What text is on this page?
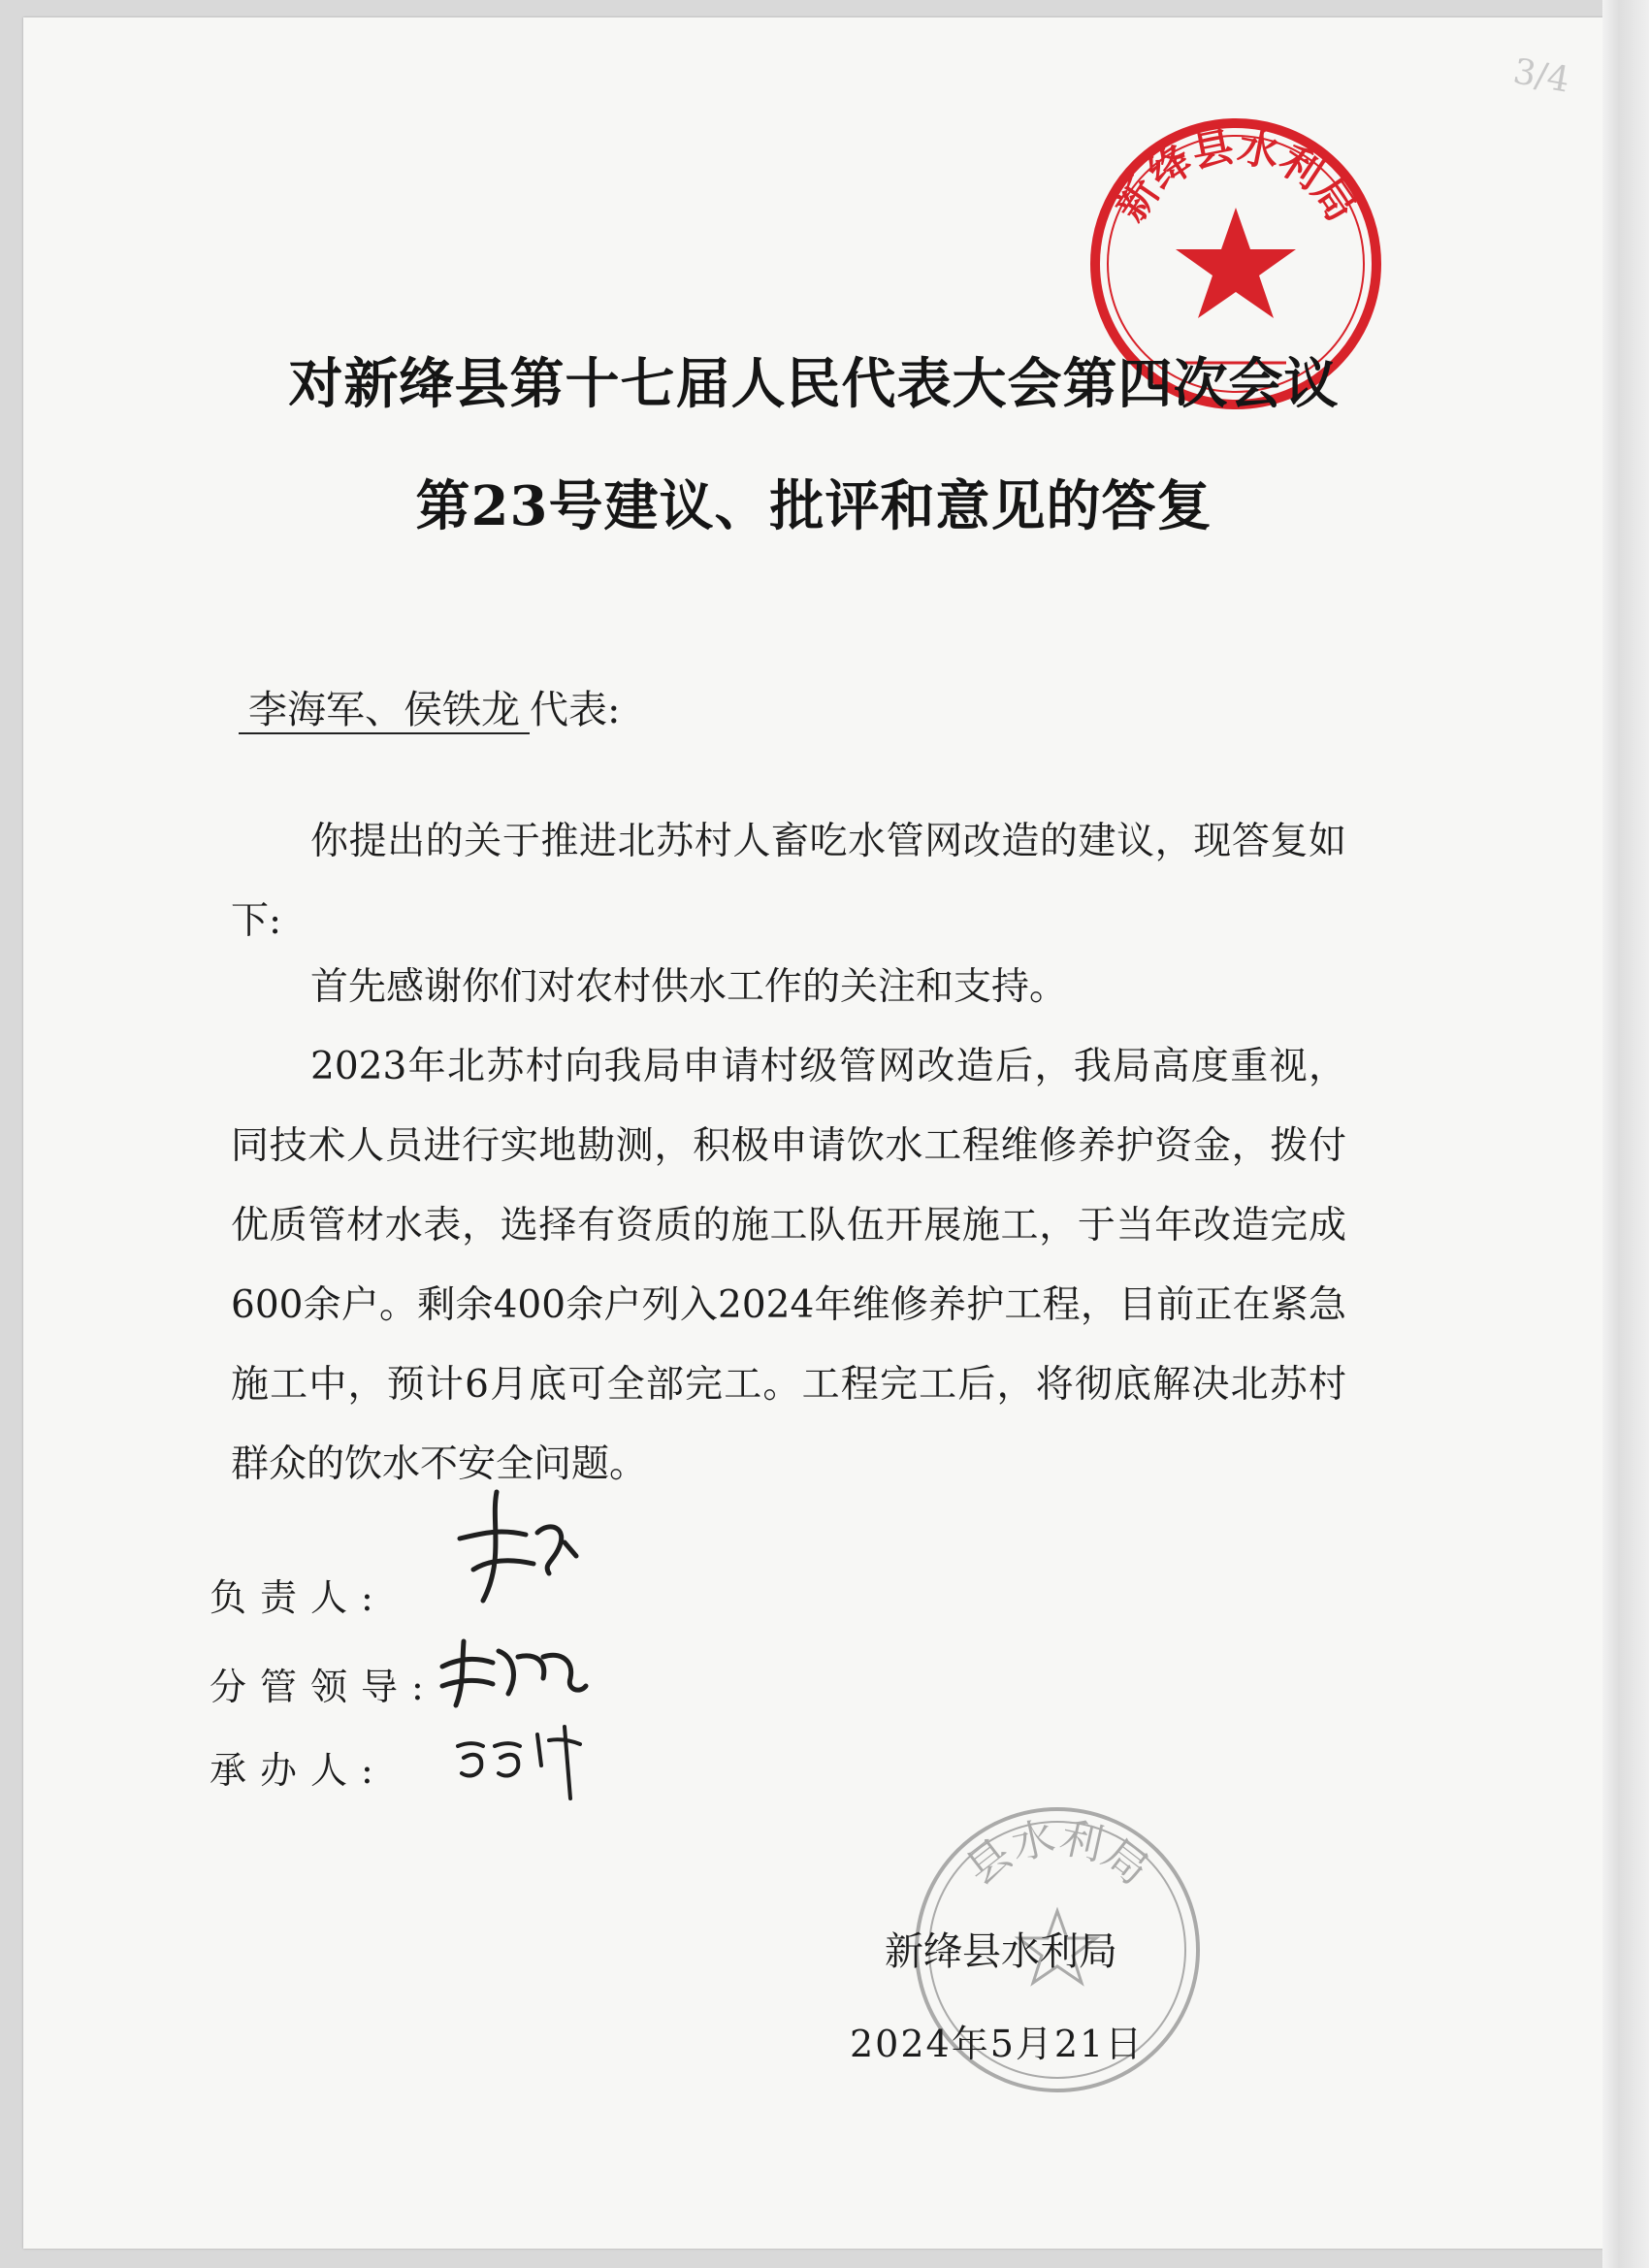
3/4
新绛县水利局
对新绛县第十七届人民代表大会第四次会议
第23号建议、批评和意见的答复
李海军、侯铁龙 代表:

你提出的关于推进北苏村人畜吃水管网改造的建议，现答复如下:

首先感谢你们对农村供水工作的关注和支持。

2023年北苏村向我局申请村级管网改造后，我局高度重视，同技术人员进行实地勘测，积极申请饮水工程维修养护资金，拨付优质管材水表，选择有资质的施工队伍开展施工，于当年改造完成600余户。剩余400余户列入2024年维修养护工程，目前正在紧急施工中，预计6月底可全部完工。工程完工后，将彻底解决北苏村群众的饮水不安全问题。

负责人:
分管领导:
承办人:
县水利局
新绛县水利局
2024年5月21日
